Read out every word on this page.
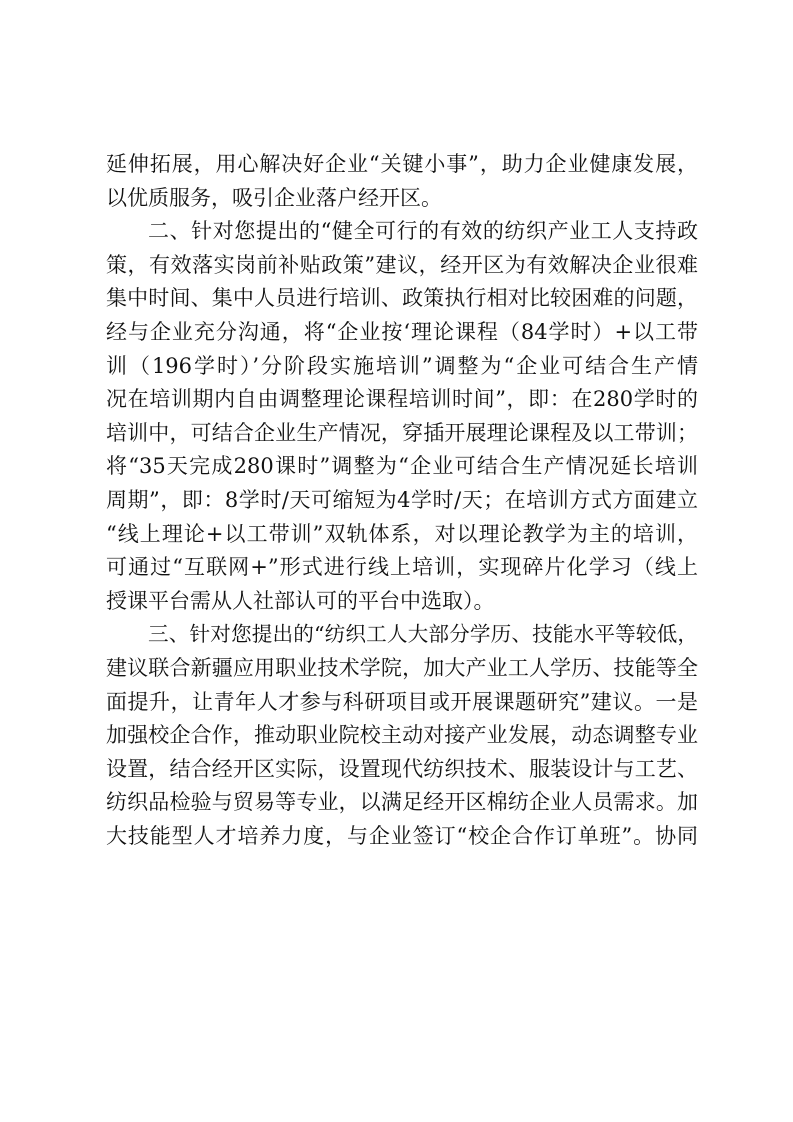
延伸拓展，用心解决好企业“关键小事”，助力企业健康发展，
以优质服务，吸引企业落户经开区。
二、针对您提出的“健全可行的有效的纺织产业工人支持政
策，有效落实岗前补贴政策”建议，经开区为有效解决企业很难
集中时间、集中人员进行培训、政策执行相对比较困难的问题，
经与企业充分沟通，将“企业按‘理论课程（84学时）+以工带
训（196学时）’分阶段实施培训”调整为“企业可结合生产情
况在培训期内自由调整理论课程培训时间”，即：在280学时的
培训中，可结合企业生产情况，穿插开展理论课程及以工带训；
将“35天完成280课时”调整为“企业可结合生产情况延长培训
周期”，即：8学时/天可缩短为4学时/天；在培训方式方面建立
“线上理论+以工带训”双轨体系，对以理论教学为主的培训，
可通过“互联网+”形式进行线上培训，实现碎片化学习（线上
授课平台需从人社部认可的平台中选取）。
三、针对您提出的“纺织工人大部分学历、技能水平等较低，
建议联合新疆应用职业技术学院，加大产业工人学历、技能等全
面提升，让青年人才参与科研项目或开展课题研究”建议。一是
加强校企合作，推动职业院校主动对接产业发展，动态调整专业
设置，结合经开区实际，设置现代纺织技术、服装设计与工艺、
纺织品检验与贸易等专业，以满足经开区棉纺企业人员需求。加
大技能型人才培养力度，与企业签订“校企合作订单班”。协同
